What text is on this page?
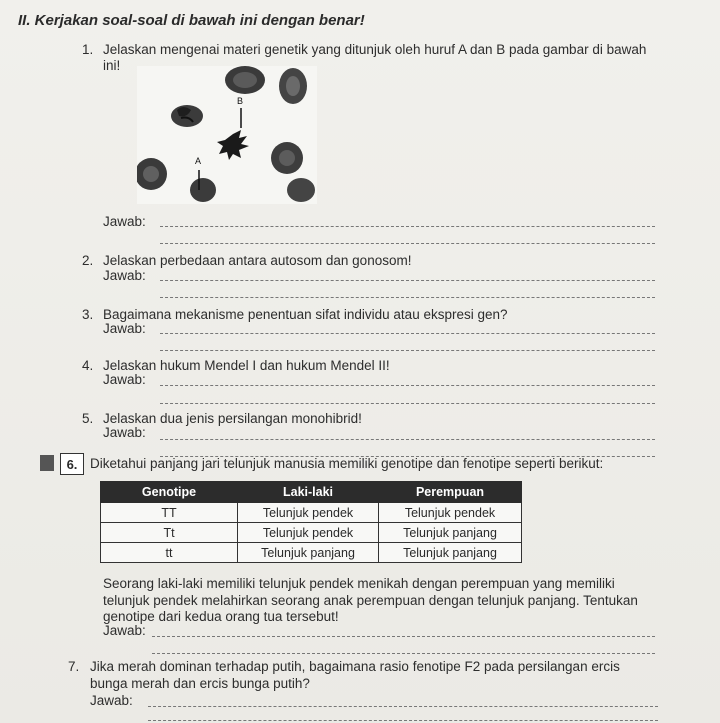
II. Kerjakan soal-soal di bawah ini dengan benar!
1. Jelaskan mengenai materi genetik yang ditunjuk oleh huruf A dan B pada gambar di bawah
ini!
A
B
Jawab:
2. Jelaskan perbedaan antara autosom dan gonosom!
Jawab:
3. Bagaimana mekanisme penentuan sifat individu atau ekspresi gen?
Jawab:
4. Jelaskan hukum Mendel I dan hukum Mendel II!
Jawab:
5. Jelaskan dua jenis persilangan monohibrid!
Jawab:
6. Diketahui panjang jari telunjuk manusia memiliki genotipe dan fenotipe seperti berikut:
Genotipe	Laki-laki	Perempuan
TT	Telunjuk pendek	Telunjuk pendek
Tt	Telunjuk pendek	Telunjuk panjang
tt	Telunjuk panjang	Telunjuk panjang
Seorang laki-laki memiliki telunjuk pendek menikah dengan perempuan yang memiliki
telunjuk pendek melahirkan seorang anak perempuan dengan telunjuk panjang. Tentukan
genotipe dari kedua orang tua tersebut!
Jawab:
7. Jika merah dominan terhadap putih, bagaimana rasio fenotipe F2 pada persilangan ercis
bunga merah dan ercis bunga putih?
Jawab:
